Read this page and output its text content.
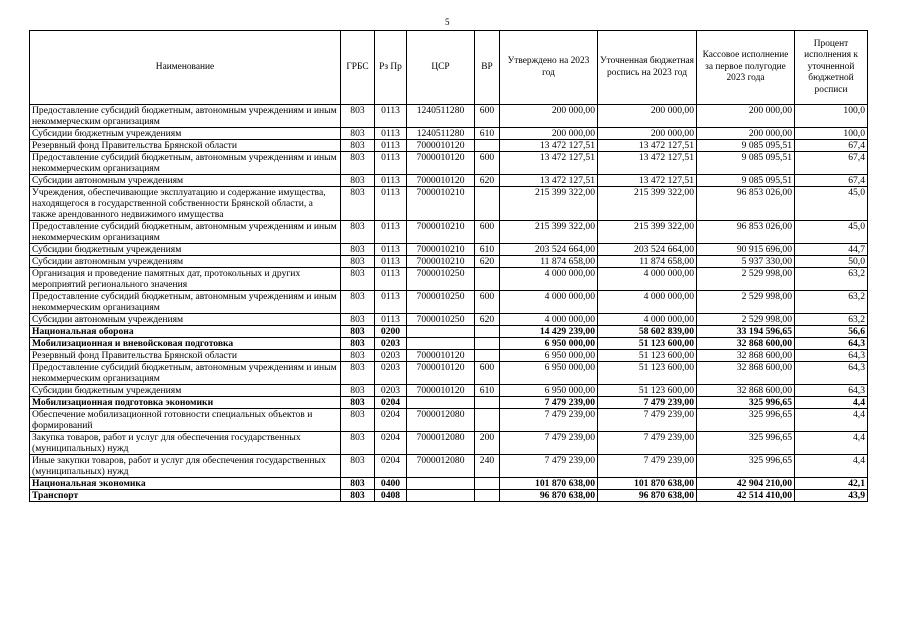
5
Наименование	ГРБС	Рз Пр	ЦСР	ВР	Утверждено на 2023 год	Уточненная бюджетная роспись на 2023 год	Кассовое исполнение за первое полугодие 2023 года	Процент исполнения к уточненной бюджетной росписи
Предоставление субсидий бюджетным, автономным учреждениям и иным некоммерческим организациям	803	0113	1240511280	600	200 000,00	200 000,00	200 000,00	100,0
Субсидии бюджетным учреждениям	803	0113	1240511280	610	200 000,00	200 000,00	200 000,00	100,0
Резервный фонд Правительства Брянской области	803	0113	7000010120		13 472 127,51	13 472 127,51	9 085 095,51	67,4
Предоставление субсидий бюджетным, автономным учреждениям и иным некоммерческим организациям	803	0113	7000010120	600	13 472 127,51	13 472 127,51	9 085 095,51	67,4
Субсидии автономным учреждениям	803	0113	7000010120	620	13 472 127,51	13 472 127,51	9 085 095,51	67,4
Учреждения, обеспечивающие эксплуатацию и содержание имущества, находящегося в государственной собственности Брянской области, а также арендованного недвижимого имущества	803	0113	7000010210		215 399 322,00	215 399 322,00	96 853 026,00	45,0
Предоставление субсидий бюджетным, автономным учреждениям и иным некоммерческим организациям	803	0113	7000010210	600	215 399 322,00	215 399 322,00	96 853 026,00	45,0
Субсидии бюджетным учреждениям	803	0113	7000010210	610	203 524 664,00	203 524 664,00	90 915 696,00	44,7
Субсидии автономным учреждениям	803	0113	7000010210	620	11 874 658,00	11 874 658,00	5 937 330,00	50,0
Организация и проведение памятных дат, протокольных и других мероприятий регионального значения	803	0113	7000010250		4 000 000,00	4 000 000,00	2 529 998,00	63,2
Предоставление субсидий бюджетным, автономным учреждениям и иным некоммерческим организациям	803	0113	7000010250	600	4 000 000,00	4 000 000,00	2 529 998,00	63,2
Субсидии автономным учреждениям	803	0113	7000010250	620	4 000 000,00	4 000 000,00	2 529 998,00	63,2
Национальная оборона	803	0200			14 429 239,00	58 602 839,00	33 194 596,65	56,6
Мобилизационная и вневойсковая подготовка	803	0203			6 950 000,00	51 123 600,00	32 868 600,00	64,3
Резервный фонд Правительства Брянской области	803	0203	7000010120		6 950 000,00	51 123 600,00	32 868 600,00	64,3
Предоставление субсидий бюджетным, автономным учреждениям и иным некоммерческим организациям	803	0203	7000010120	600	6 950 000,00	51 123 600,00	32 868 600,00	64,3
Субсидии бюджетным учреждениям	803	0203	7000010120	610	6 950 000,00	51 123 600,00	32 868 600,00	64,3
Мобилизационная подготовка экономики	803	0204			7 479 239,00	7 479 239,00	325 996,65	4,4
Обеспечение мобилизационной готовности специальных объектов и формирований	803	0204	7000012080		7 479 239,00	7 479 239,00	325 996,65	4,4
Закупка товаров, работ и услуг для обеспечения государственных (муниципальных) нужд	803	0204	7000012080	200	7 479 239,00	7 479 239,00	325 996,65	4,4
Иные закупки товаров, работ и услуг для обеспечения государственных (муниципальных) нужд	803	0204	7000012080	240	7 479 239,00	7 479 239,00	325 996,65	4,4
Национальная экономика	803	0400			101 870 638,00	101 870 638,00	42 904 210,00	42,1
Транспорт	803	0408			96 870 638,00	96 870 638,00	42 514 410,00	43,9
